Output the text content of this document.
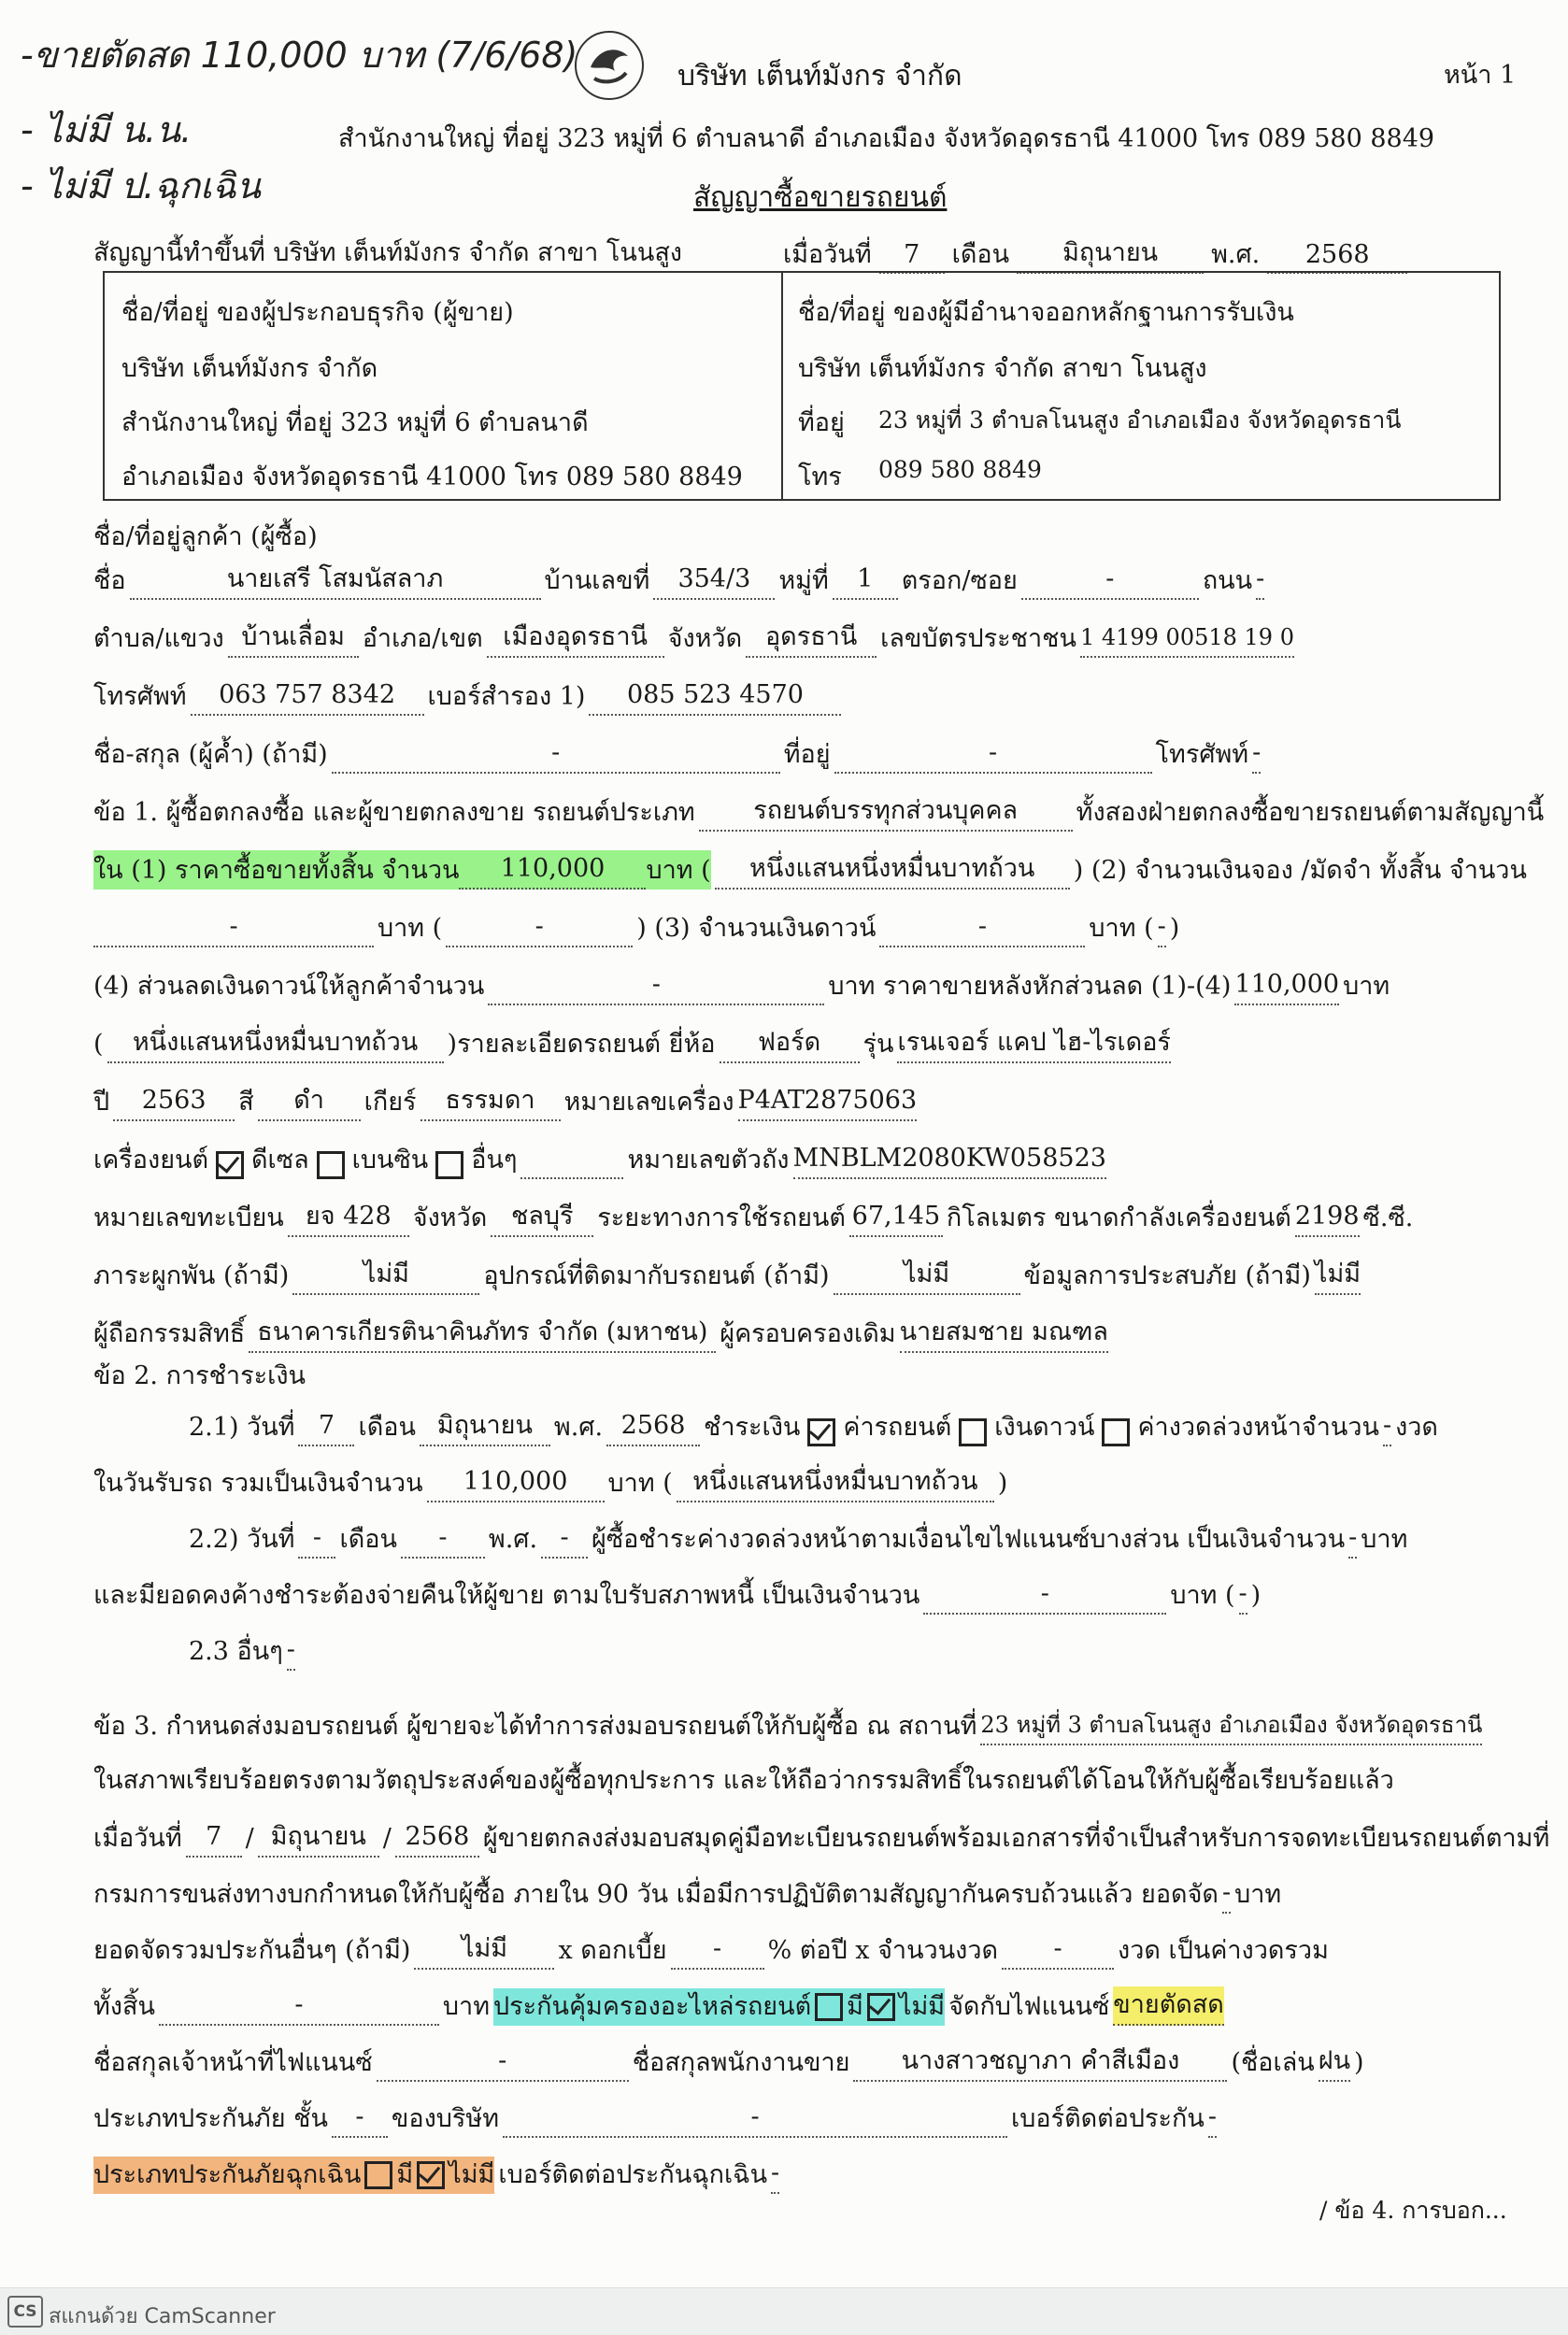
-ขายตัดสด 110,000 บาท (7/6/68)
- ไม่มี น.น.
- ไม่มี ป.ฉุกเฉิน
บริษัท เต็นท์มังกร จำกัด	หน้า 1
สำนักงานใหญ่ ที่อยู่ 323 หมู่ที่ 6 ตำบลนาดี อำเภอเมือง จังหวัดอุดรธานี 41000 โทร 089 580 8849
สัญญาซื้อขายรถยนต์
สัญญานี้ทำขึ้นที่ บริษัท เต็นท์มังกร จำกัด สาขา โนนสูง	เมื่อวันที่	7	เดือน	มิถุนายน	พ.ศ.	2568
ชื่อ/ที่อยู่ ของผู้ประกอบธุรกิจ (ผู้ขาย)
บริษัท เต็นท์มังกร จำกัด
สำนักงานใหญ่ ที่อยู่ 323 หมู่ที่ 6 ตำบลนาดี
อำเภอเมือง จังหวัดอุดรธานี 41000 โทร 089 580 8849
ชื่อ/ที่อยู่ ของผู้มีอำนาจออกหลักฐานการรับเงิน
บริษัท เต็นท์มังกร จำกัด สาขา โนนสูง
ที่อยู่ 23 หมู่ที่ 3 ตำบลโนนสูง อำเภอเมือง จังหวัดอุดรธานี
โทร 089 580 8849
ชื่อ/ที่อยู่ลูกค้า (ผู้ซื้อ)
ชื่อ	นายเสรี โสมนัสลาภ	บ้านเลขที่	354/3	หมู่ที่	1	ตรอก/ซอย	-	ถนน -
ตำบล/แขวง บ้านเลื่อม อำเภอ/เขต เมืองอุดรธานี จังหวัด อุดรธานี เลขบัตรประชาชน 1 4199 00518 19 0
โทรศัพท์	063 757 8342	เบอร์สำรอง 1)	085 523 4570
ชื่อ-สกุล (ผู้ค้ำ) (ถ้ามี)	-	ที่อยู่	-	โทรศัพท์ -
ข้อ 1. ผู้ซื้อตกลงซื้อ และผู้ขายตกลงขาย รถยนต์ประเภท	รถยนต์บรรทุกส่วนบุคคล	ทั้งสองฝ่ายตกลงซื้อขายรถยนต์ตามสัญญานี้
ใน (1) ราคาซื้อขายทั้งสิ้น จำนวน	110,000	บาท (	หนึ่งแสนหนึ่งหมื่นบาทถ้วน	) (2) จำนวนเงินจอง /มัดจำ ทั้งสิ้น จำนวน
-	บาท (	-	) (3) จำนวนเงินดาวน์	-	บาท ( - )
(4) ส่วนลดเงินดาวน์ให้ลูกค้าจำนวน	-	บาท ราคาขายหลังหักส่วนลด (1)-(4) 110,000 บาท
(	หนึ่งแสนหนึ่งหมื่นบาทถ้วน	)รายละเอียดรถยนต์ ยี่ห้อ	ฟอร์ด	รุ่น เรนเจอร์ แคป ไฮ-ไรเดอร์
ปี	2563	สี	ดำ	เกียร์	ธรรมดา	หมายเลขเครื่อง P4AT2875063
เครื่องยนต์ ดีเซล เบนซิน อื่นๆ	หมายเลขตัวถัง MNBLM2080KW058523
หมายเลขทะเบียน ยจ 428 จังหวัด ชลบุรี ระยะทางการใช้รถยนต์ 67,145 กิโลเมตร ขนาดกำลังเครื่องยนต์ 2198 ซี.ซี.
ภาระผูกพัน (ถ้ามี)	ไม่มี	อุปกรณ์ที่ติดมากับรถยนต์ (ถ้ามี)	ไม่มี	ข้อมูลการประสบภัย (ถ้ามี) ไม่มี
ผู้ถือกรรมสิทธิ์ ธนาคารเกียรตินาคินภัทร จำกัด (มหาชน) ผู้ครอบครองเดิม นายสมชาย มณฑล
ข้อ 2. การชำระเงิน
2.1) วันที่ 7 เดือน มิถุนายน พ.ศ. 2568 ชำระเงิน ค่ารถยนต์ เงินดาวน์ ค่างวดล่วงหน้าจำนวน - งวด
ในวันรับรถ รวมเป็นเงินจำนวน	110,000	บาท ( หนึ่งแสนหนึ่งหมื่นบาทถ้วน )
2.2) วันที่ - เดือน	-	พ.ศ. - ผู้ซื้อชำระค่างวดล่วงหน้าตามเงื่อนไขไฟแนนซ์บางส่วน เป็นเงินจำนวน - บาท
และมียอดคงค้างชำระต้องจ่ายคืนให้ผู้ขาย ตามใบรับสภาพหนี้ เป็นเงินจำนวน	-	บาท ( - )
2.3 อื่นๆ -
ข้อ 3. กำหนดส่งมอบรถยนต์ ผู้ขายจะได้ทำการส่งมอบรถยนต์ให้กับผู้ซื้อ ณ สถานที่ 23 หมู่ที่ 3 ตำบลโนนสูง อำเภอเมือง จังหวัดอุดรธานี
ในสภาพเรียบร้อยตรงตามวัตถุประสงค์ของผู้ซื้อทุกประการ และให้ถือว่ากรรมสิทธิ์ในรถยนต์ได้โอนให้กับผู้ซื้อเรียบร้อยแล้ว
เมื่อวันที่ 7 / มิถุนายน / 2568 ผู้ขายตกลงส่งมอบสมุดคู่มือทะเบียนรถยนต์พร้อมเอกสารที่จำเป็นสำหรับการจดทะเบียนรถยนต์ตามที่
กรมการขนส่งทางบกกำหนดให้กับผู้ซื้อ ภายใน 90 วัน เมื่อมีการปฏิบัติตามสัญญากันครบถ้วนแล้ว ยอดจัด - บาท
ยอดจัดรวมประกันอื่นๆ (ถ้ามี)	ไม่มี	x ดอกเบี้ย	-	% ต่อปี x จำนวนงวด	-	งวด เป็นค่างวดรวม
ทั้งสิ้น	-	บาท ประกันคุ้มครองอะไหล่รถยนต์ มี ไม่มี จัดกับไฟแนนซ์ ขายตัดสด
ชื่อสกุลเจ้าหน้าที่ไฟแนนซ์	-	ชื่อสกุลพนักงานขาย	นางสาวชญาภา คำสีเมือง	(ชื่อเล่น ฝน )
ประเภทประกันภัย ชั้น	-	ของบริษัท	-	เบอร์ติดต่อประกัน -
ประเภทประกันภัยฉุกเฉิน มี ไม่มี เบอร์ติดต่อประกันฉุกเฉิน -
/ ข้อ 4. การบอก...
CS สแกนด้วย CamScanner
